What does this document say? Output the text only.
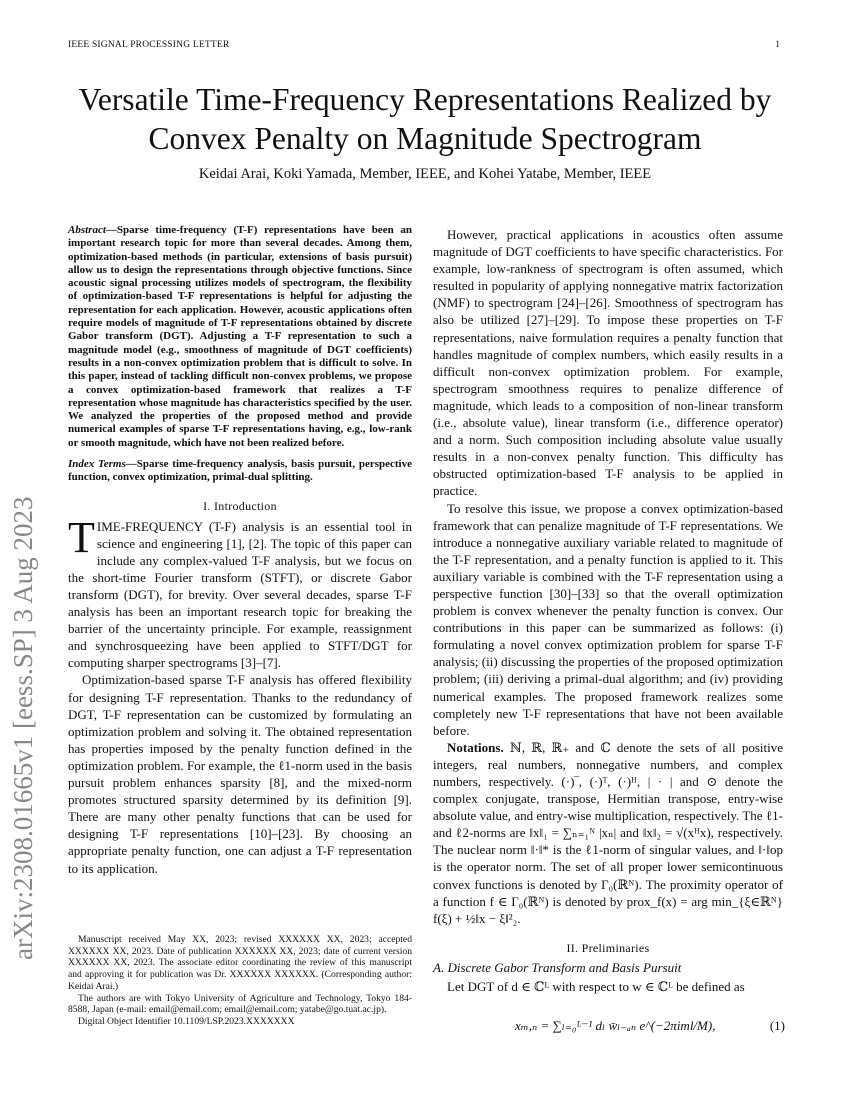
IEEE SIGNAL PROCESSING LETTER	1
arXiv:2308.01665v1 [eess.SP] 3 Aug 2023
Versatile Time-Frequency Representations Realized by Convex Penalty on Magnitude Spectrogram
Keidai Arai, Koki Yamada, Member, IEEE, and Kohei Yatabe, Member, IEEE

Abstract—Sparse time-frequency (T-F) representations have been an important research topic for more than several decades. Among them, optimization-based methods (in particular, extensions of basis pursuit) allow us to design the representations through objective functions. Since acoustic signal processing utilizes models of spectrogram, the flexibility of optimization-based T-F representations is helpful for adjusting the representation for each application. However, acoustic applications often require models of magnitude of T-F representations obtained by discrete Gabor transform (DGT). Adjusting a T-F representation to such a magnitude model (e.g., smoothness of magnitude of DGT coefficients) results in a non-convex optimization problem that is difficult to solve. In this paper, instead of tackling difficult non-convex problems, we propose a convex optimization-based framework that realizes a T-F representation whose magnitude has characteristics specified by the user. We analyzed the properties of the proposed method and provide numerical examples of sparse T-F representations having, e.g., low-rank or smooth magnitude, which have not been realized before.

Index Terms—Sparse time-frequency analysis, basis pursuit, perspective function, convex optimization, primal-dual splitting.

I. Introduction

TIME-FREQUENCY (T-F) analysis is an essential tool in science and engineering [1], [2]. The topic of this paper can include any complex-valued T-F analysis, but we focus on the short-time Fourier transform (STFT), or discrete Gabor transform (DGT), for brevity. Over several decades, sparse T-F analysis has been an important research topic for breaking the barrier of the uncertainty principle. For example, reassignment and synchrosqueezing have been applied to STFT/DGT for computing sharper spectrograms [3]–[7].

Optimization-based sparse T-F analysis has offered flexibility for designing T-F representation. Thanks to the redundancy of DGT, T-F representation can be customized by formulating an optimization problem and solving it. The obtained representation has properties imposed by the penalty function defined in the optimization problem. For example, the ℓ1-norm used in the basis pursuit problem enhances sparsity [8], and the mixed-norm promotes structured sparsity determined by its definition [9]. There are many other penalty functions that can be used for designing T-F representations [10]–[23]. By choosing an appropriate penalty function, one can adjust a T-F representation to its application.

Manuscript received May XX, 2023; revised XXXXXX XX, 2023; accepted XXXXXX XX, 2023. Date of publication XXXXXX XX, 2023; date of current version XXXXXX XX, 2023. The associate editor coordinating the review of this manuscript and approving it for publication was Dr. XXXXXX XXXXXX. (Corresponding author: Keidai Arai.)

The authors are with Tokyo University of Agriculture and Technology, Tokyo 184-8588, Japan (e-mail: email@email.com; email@email.com; yatabe@go.tuat.ac.jp).

Digital Object Identifier 10.1109/LSP.2023.XXXXXXX

However, practical applications in acoustics often assume magnitude of DGT coefficients to have specific characteristics. For example, low-rankness of spectrogram is often assumed, which resulted in popularity of applying nonnegative matrix factorization (NMF) to spectrogram [24]–[26]. Smoothness of spectrogram has also be utilized [27]–[29]. To impose these properties on T-F representations, naive formulation requires a penalty function that handles magnitude of complex numbers, which easily results in a difficult non-convex optimization problem. For example, spectrogram smoothness requires to penalize difference of magnitude, which leads to a composition of non-linear transform (i.e., absolute value), linear transform (i.e., difference operator) and a norm. Such composition including absolute value usually results in a non-convex penalty function. This difficulty has obstructed optimization-based T-F analysis to be applied in practice.

To resolve this issue, we propose a convex optimization-based framework that can penalize magnitude of T-F representations. We introduce a nonnegative auxiliary variable related to magnitude of the T-F representation, and a penalty function is applied to it. This auxiliary variable is combined with the T-F representation using a perspective function [30]–[33] so that the overall optimization problem is convex whenever the penalty function is convex. Our contributions in this paper can be summarized as follows: (i) formulating a novel convex optimization problem for sparse T-F analysis; (ii) discussing the properties of the proposed optimization problem; (iii) deriving a primal-dual algorithm; and (iv) providing numerical examples. The proposed framework realizes some completely new T-F representations that have not been available before.

Notations. ℕ, ℝ, ℝ₊ and ℂ denote the sets of all positive integers, real numbers, nonnegative numbers, and complex numbers, respectively. (·)‾, (·)ᵀ, (·)ᴴ, | · | and ⊙ denote the complex conjugate, transpose, Hermitian transpose, entry-wise absolute value, and entry-wise multiplication, respectively. The ℓ1- and ℓ2-norms are ‖x‖₁ = ∑ₙ₌₁ᴺ |xₙ| and ‖x‖₂ = √(xᴴx), respectively. The nuclear norm ‖·‖* is the ℓ1-norm of singular values, and ‖·‖op is the operator norm. The set of all proper lower semicontinuous convex functions is denoted by Γ₀(ℝᴺ). The proximity operator of a function f ∈ Γ₀(ℝᴺ) is denoted by prox_f(x) = arg min_{ξ∈ℝᴺ} f(ξ) + ½‖x − ξ‖²₂.

II. Preliminaries
A. Discrete Gabor Transform and Basis Pursuit

Let DGT of d ∈ ℂᴸ with respect to w ∈ ℂᴸ be defined as

xₘ,ₙ = ∑ₗ₌₀ᴸ⁻¹ dₗ w̄ₗ₋ₐₙ e^(−2πiml/M),	(1)
